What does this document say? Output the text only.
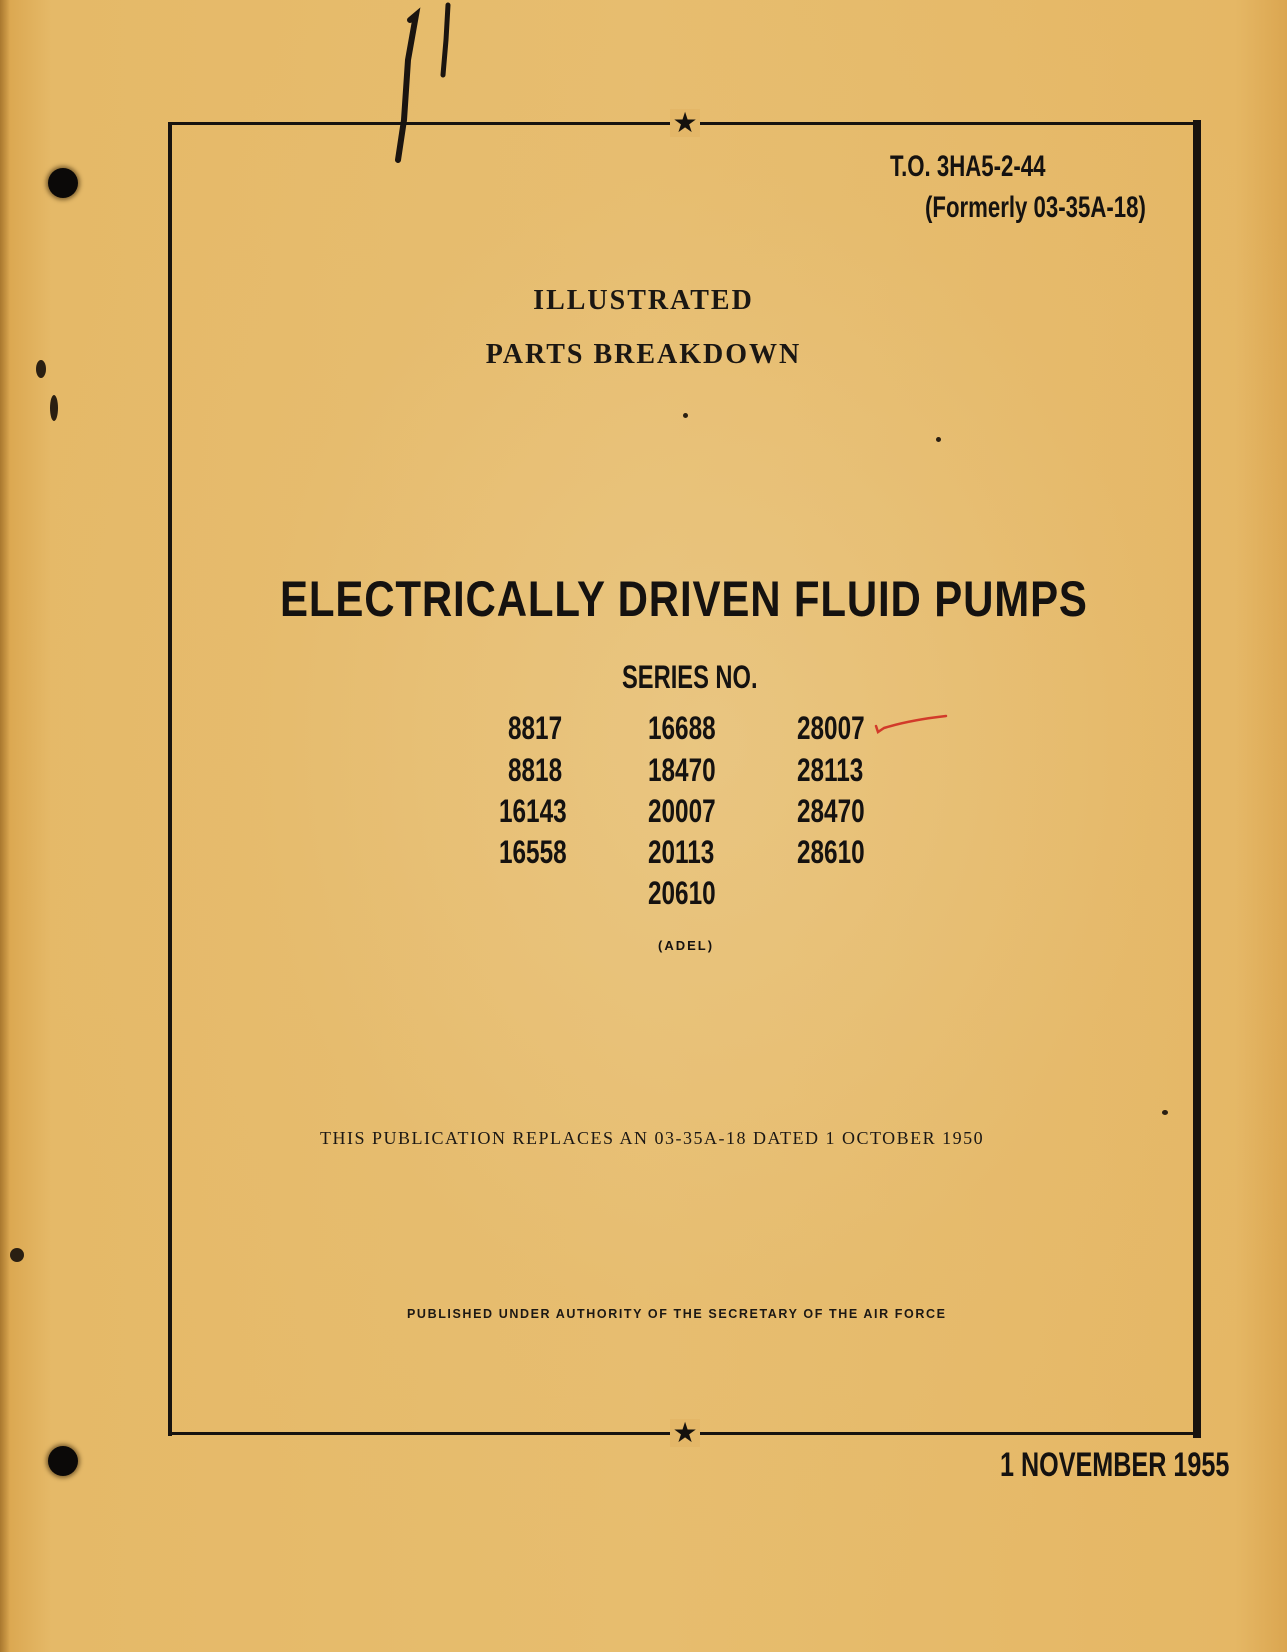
★
★
T.O. 3HA5-2-44
(Formerly 03-35A-18)
ILLUSTRATED
PARTS BREAKDOWN
ELECTRICALLY DRIVEN FLUID PUMPS
SERIES NO.
8817
8818
16143
16558
16688
18470
20007
20113
20610
28007
28113
28470
28610
(ADEL)
THIS PUBLICATION REPLACES AN 03-35A-18 DATED 1 OCTOBER 1950
PUBLISHED UNDER AUTHORITY OF THE SECRETARY OF THE AIR FORCE
1 NOVEMBER 1955
